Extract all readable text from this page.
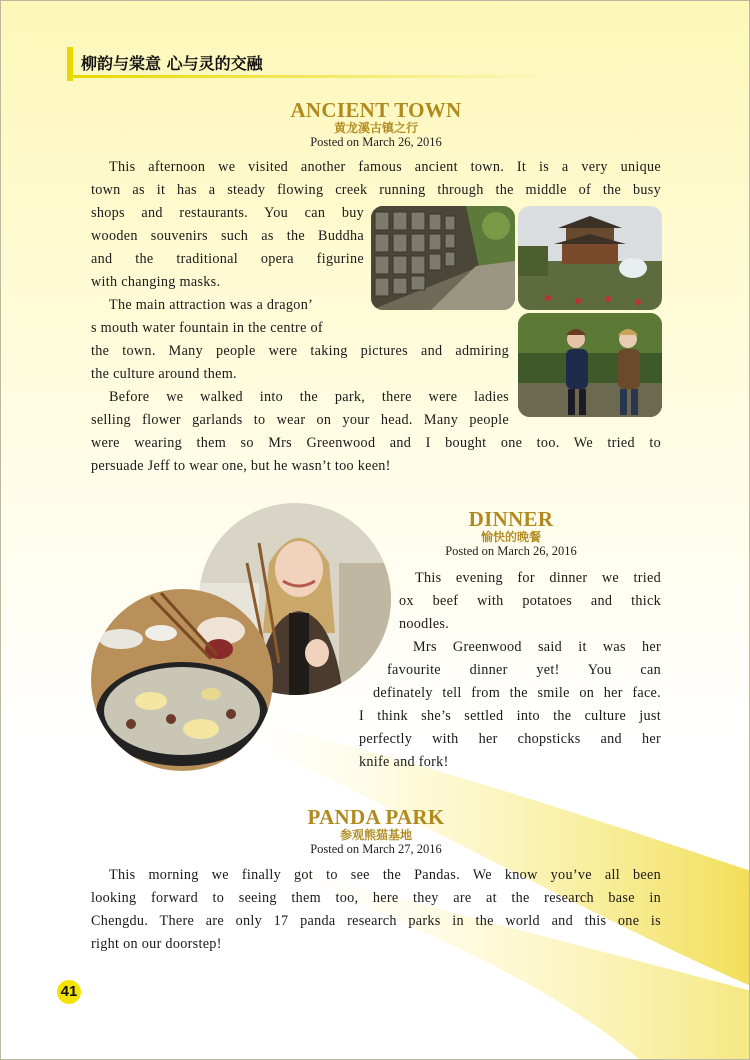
柳韵与棠意 心与灵的交融
ANCIENT TOWN
黄龙溪古镇之行
Posted on March 26, 2016
This afternoon we visited another famous ancient town. It is a very unique
town as it has a steady flowing creek running through the middle of the busy
shops and restaurants. You can buy
wooden souvenirs such as the Buddha
and the traditional opera figurine
with changing masks.
The main attraction was a dragon’
s mouth water fountain in the centre of
the town. Many people were taking pictures and admiring
the culture around them.
Before we walked into the park, there were ladies
selling flower garlands to wear on your head. Many people
were wearing them so Mrs Greenwood and I bought one too. We tried to
persuade Jeff to wear one, but he wasn’t too keen!
DINNER
愉快的晚餐
Posted on March 26, 2016
This evening for dinner we tried
ox beef with potatoes and thick
noodles.
Mrs Greenwood said it was her
favourite dinner yet! You can
definately tell from the smile on her face.
I think she’s settled into the culture just
perfectly with her chopsticks and her
knife and fork!
PANDA PARK
参观熊猫基地
Posted on March 27, 2016
This morning we finally got to see the Pandas. We know you’ve all been
looking forward to seeing them too, here they are at the research base in
Chengdu. There are only 17 panda research parks in the world and this one is
right on our doorstep!
41
